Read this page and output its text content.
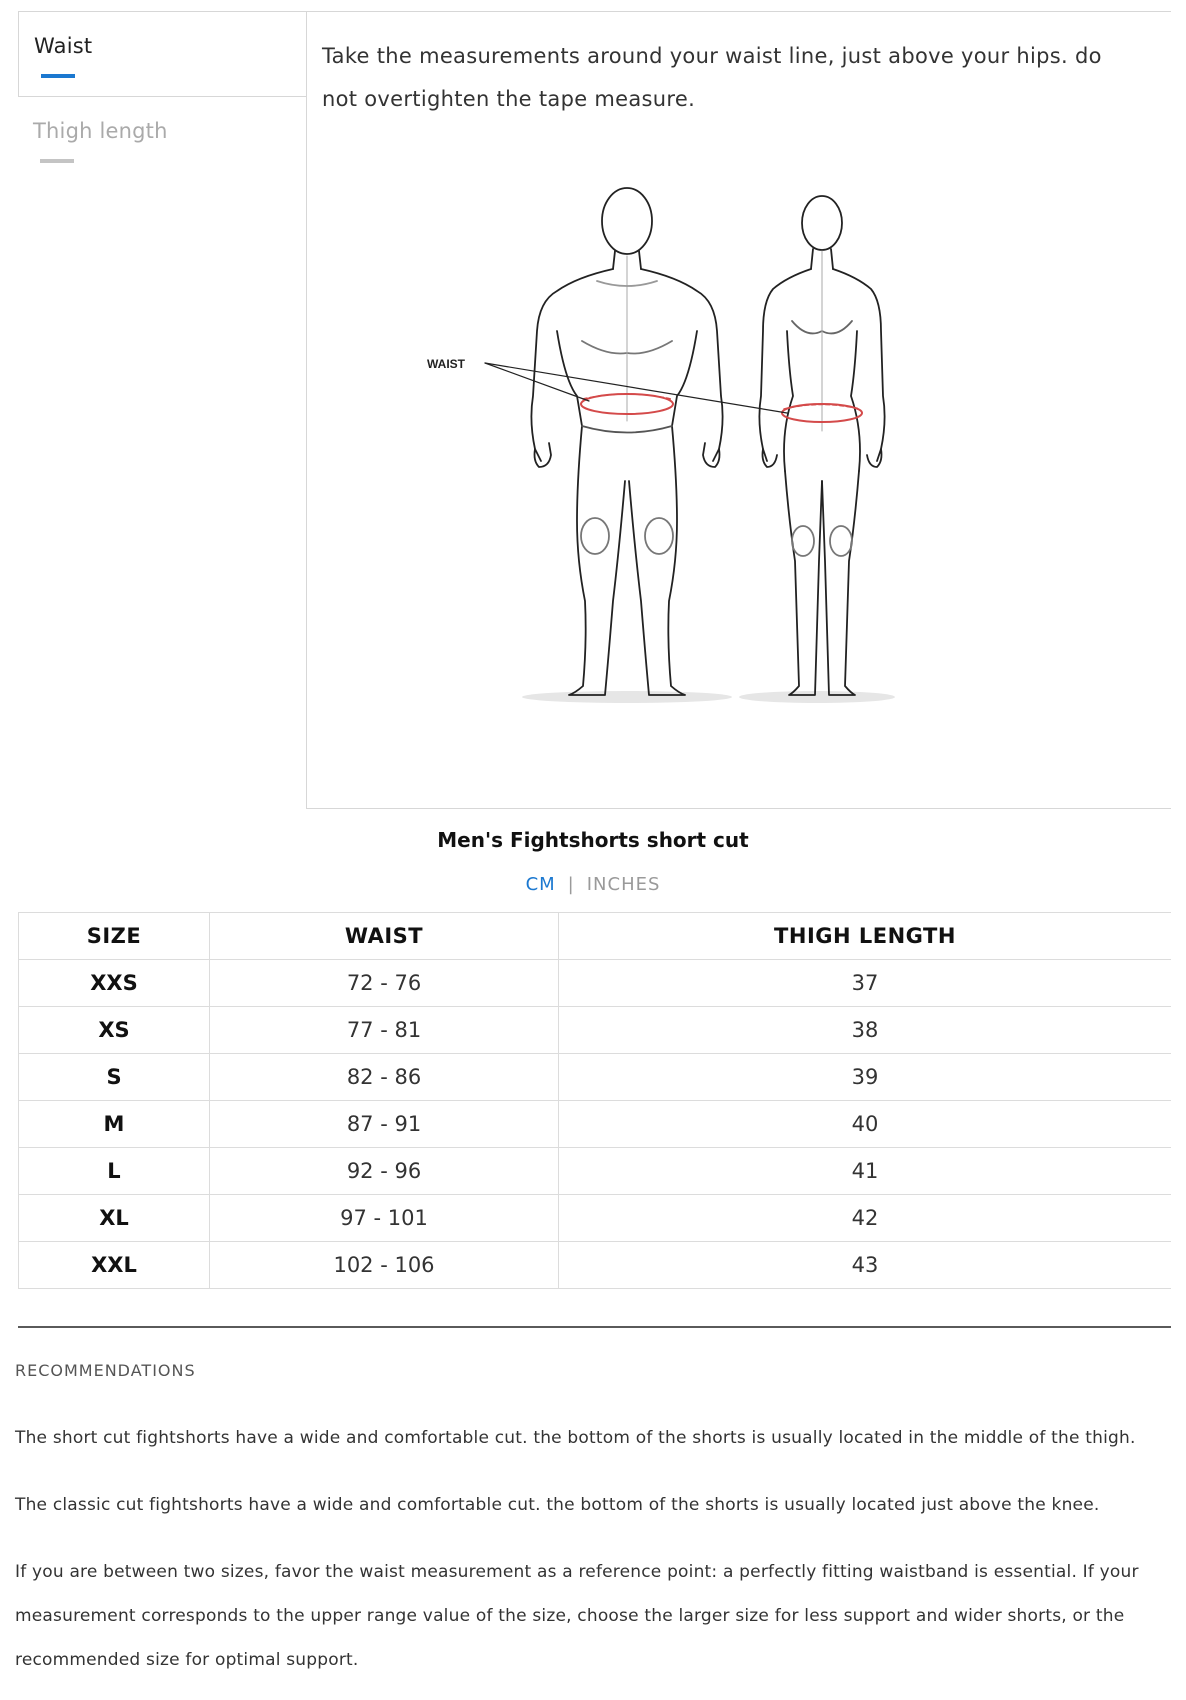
Waist
Thigh length

Take the measurements around your waist line, just above your hips. do not overtighten the tape measure.

WAIST
Men's Fightshorts short cut
CM | INCHES
SIZE	WAIST	THIGH LENGTH
XXS	72 - 76	37
XS	77 - 81	38
S	82 - 86	39
M	87 - 91	40
L	92 - 96	41
XL	97 - 101	42
XXL	102 - 106	43
RECOMMENDATIONS

The short cut fightshorts have a wide and comfortable cut. the bottom of the shorts is usually located in the middle of the thigh.

The classic cut fightshorts have a wide and comfortable cut. the bottom of the shorts is usually located just above the knee.

If you are between two sizes, favor the waist measurement as a reference point: a perfectly fitting waistband is essential. If your measurement corresponds to the upper range value of the size, choose the larger size for less support and wider shorts, or the recommended size for optimal support.
